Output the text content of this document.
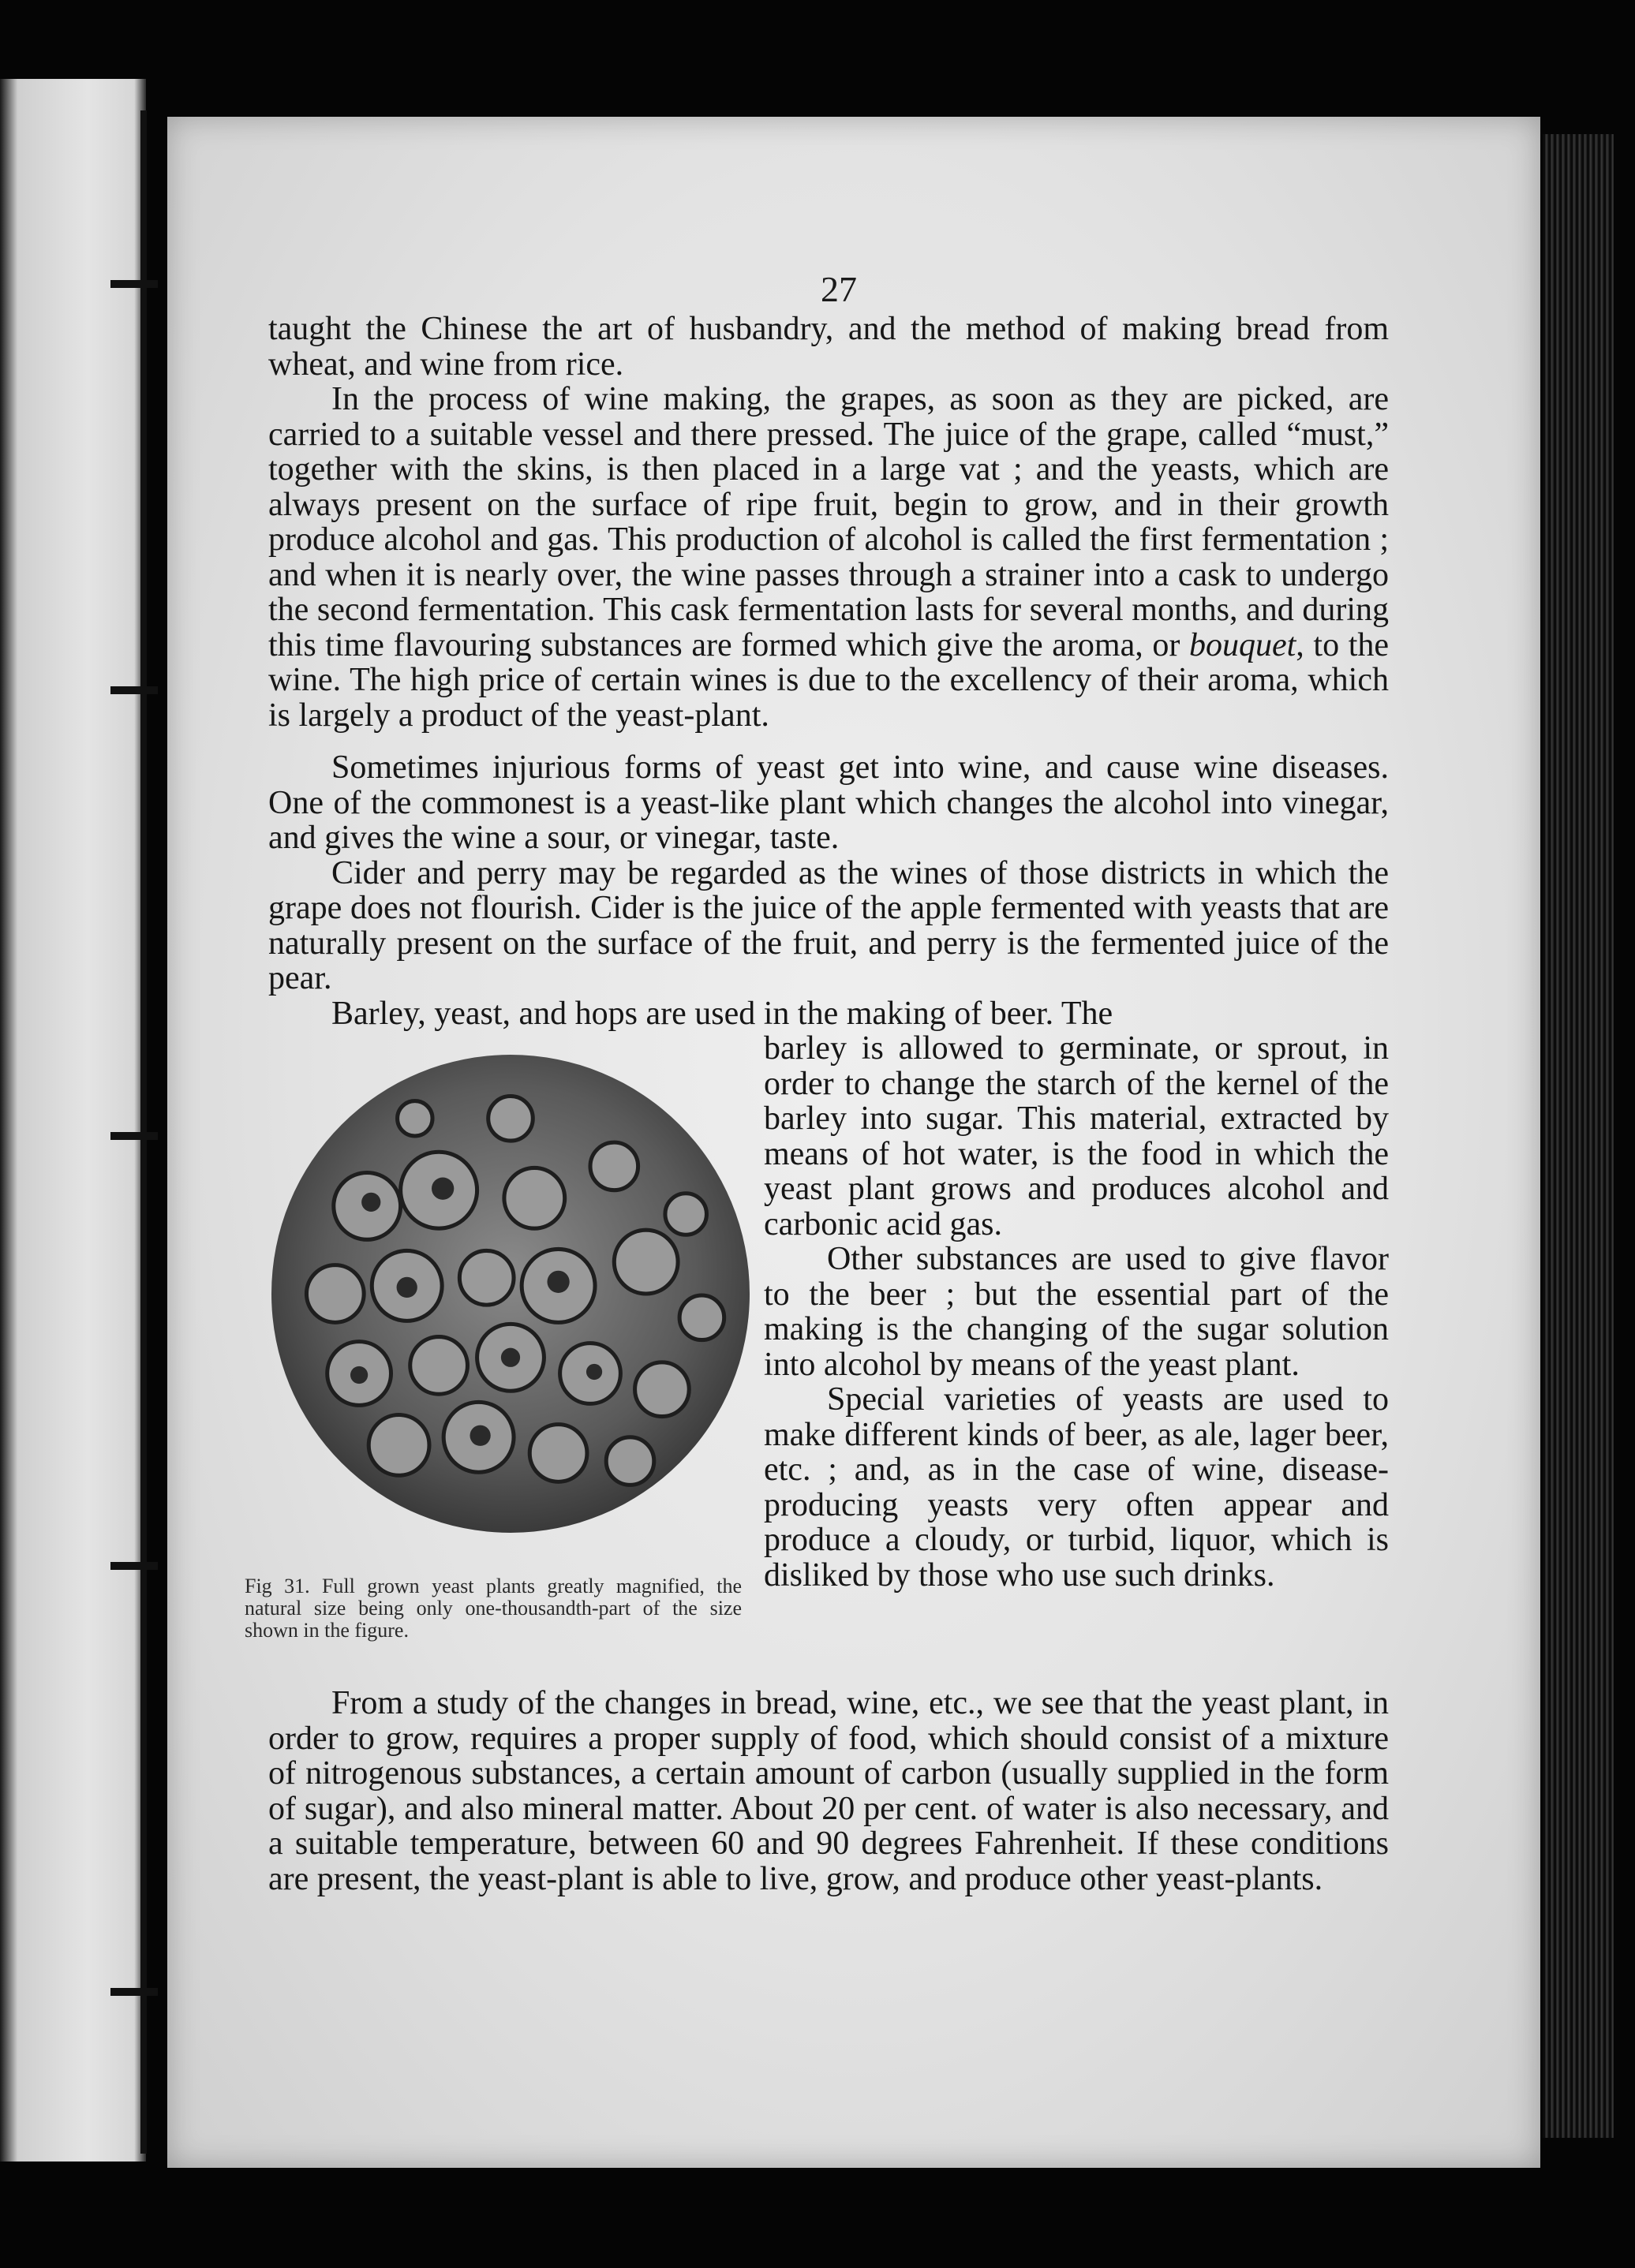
27

taught the Chinese the art of husbandry, and the method of making bread from wheat, and wine from rice.

In the process of wine making, the grapes, as soon as they are picked, are carried to a suitable vessel and there pressed. The juice of the grape, called “must,” together with the skins, is then placed in a large vat ; and the yeasts, which are always present on the surface of ripe fruit, begin to grow, and in their growth produce alcohol and gas. This production of alcohol is called the first fermentation ; and when it is nearly over, the wine passes through a strainer into a cask to undergo the second fermentation. This cask fermentation lasts for several months, and during this time flavouring substances are formed which give the aroma, or bouquet, to the wine. The high price of certain wines is due to the excellency of their aroma, which is largely a product of the yeast-plant.

Sometimes injurious forms of yeast get into wine, and cause wine diseases. One of the commonest is a yeast-like plant which changes the alcohol into vinegar, and gives the wine a sour, or vinegar, taste.

Cider and perry may be regarded as the wines of those districts in which the grape does not flourish. Cider is the juice of the apple fermented with yeasts that are naturally present on the surface of the fruit, and perry is the fermented juice of the pear.

Barley, yeast, and hops are used in the making of beer. The

Fig 31. Full grown yeast plants greatly magnified, the natural size being only one-thousandth-part of the size shown in the figure.

barley is allowed to germinate, or sprout, in order to change the starch of the kernel of the barley into sugar. This material, extracted by means of hot water, is the food in which the yeast plant grows and produces alcohol and carbonic acid gas.

Other substances are used to give flavor to the beer ; but the essential part of the making is the changing of the sugar solution into alcohol by means of the yeast plant.

Special varieties of yeasts are used to make different kinds of beer, as ale, lager beer, etc. ; and, as in the case of wine, disease-producing yeasts very often appear and produce a cloudy, or turbid, liquor, which is disliked by those who use such drinks.

From a study of the changes in bread, wine, etc., we see that the yeast plant, in order to grow, requires a proper supply of food, which should consist of a mixture of nitrogenous substances, a certain amount of carbon (usually supplied in the form of sugar), and also mineral matter. About 20 per cent. of water is also necessary, and a suitable temperature, between 60 and 90 degrees Fahrenheit. If these conditions are present, the yeast-plant is able to live, grow, and produce other yeast-plants.
